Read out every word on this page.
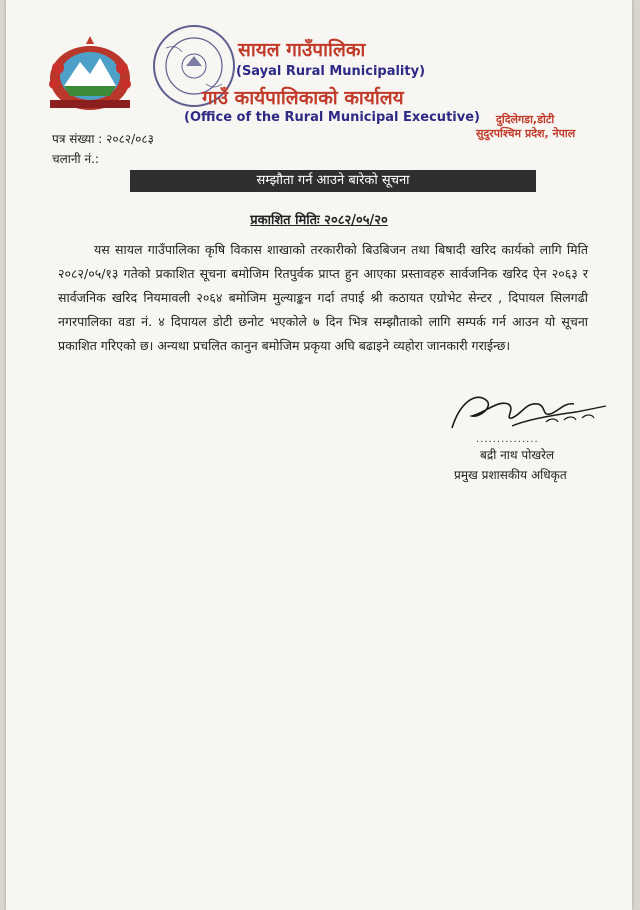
सायल गाउँपालिका
(Sayal Rural Municipality)
गाउँ कार्यपालिकाको कार्यालय
(Office of the Rural Municipal Executive) दुदिलेगडा,डोटी
सुदुरपश्चिम प्रदेश, नेपाल
पत्र संख्या : २०८२/०८३
चलानी नं.:
सम्झौता गर्न आउने बारेको सूचना
प्रकाशित मितिः २०८२/०५/२०

यस सायल गाउँपालिका कृषि विकास शाखाको तरकारीको बिउबिजन तथा बिषादी खरिद कार्यको लागि मिति २०८२/०५/१३ गतेको प्रकाशित सूचना बमोजिम रितपुर्वक प्राप्त हुन आएका प्रस्तावहरु सार्वजनिक खरिद ऐन २०६३ र सार्वजनिक खरिद नियमावली २०६४ बमोजिम मुल्याङ्कन गर्दा तपाई श्री कठायत एग्रोभेट सेन्टर , दिपायल सिलगढी नगरपालिका वडा नं. ४ दिपायल डोटी छनोट भएकोले ७ दिन भित्र सम्झौताको लागि सम्पर्क गर्न आउन यो सूचना प्रकाशित गरिएको छ। अन्यथा प्रचलित कानुन बमोजिम प्रकृया अघि बढाइने व्यहोरा जानकारी गराईन्छ।

...............
बद्री नाथ पोखरेल
प्रमुख प्रशासकीय अधिकृत
